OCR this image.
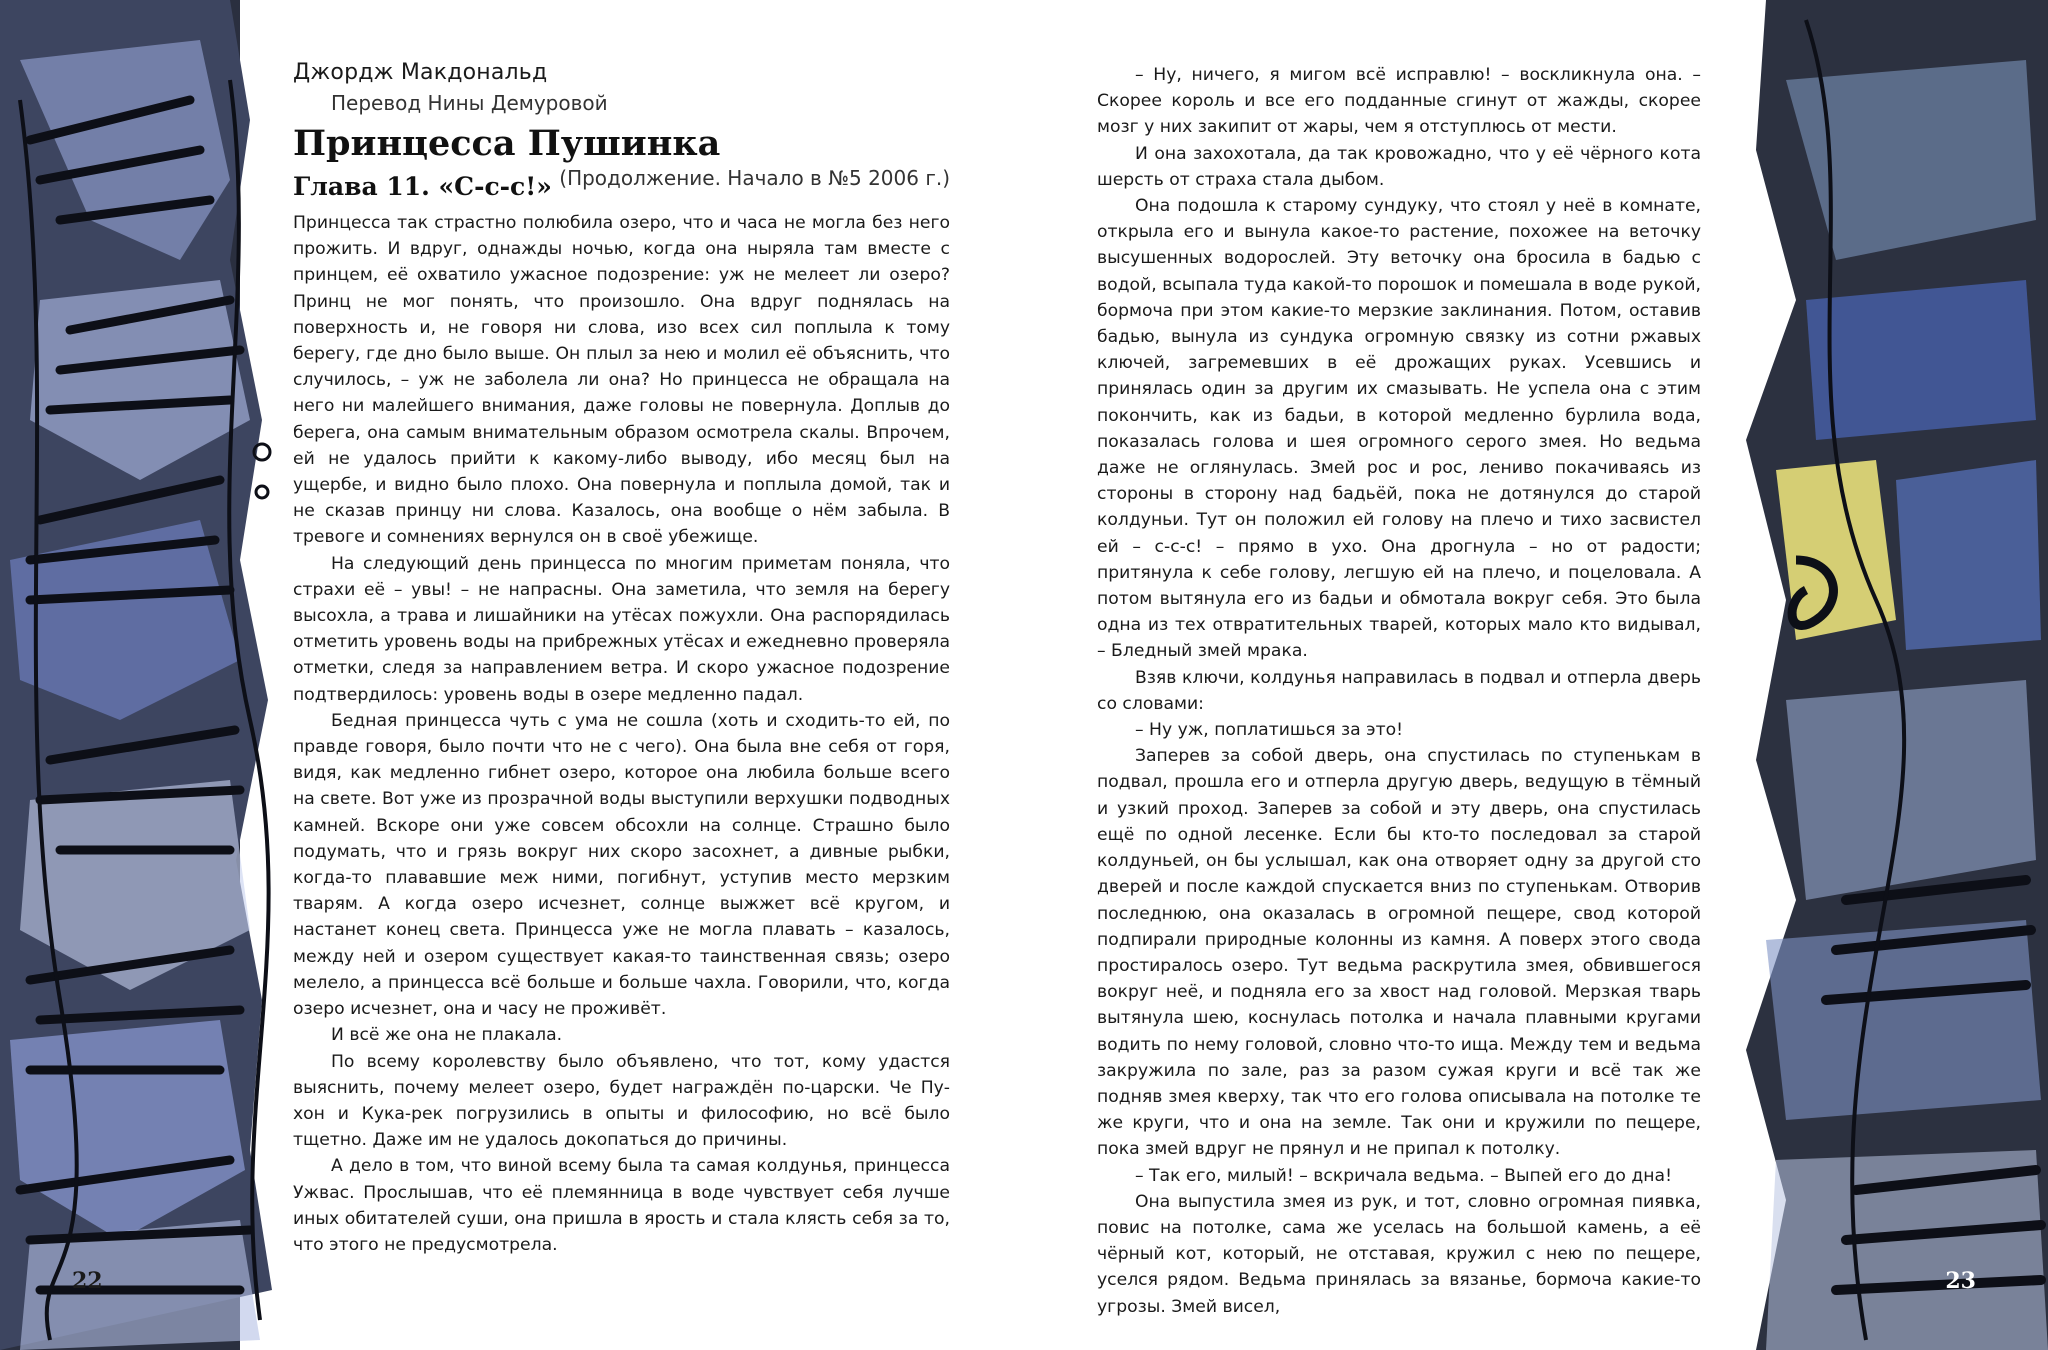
22	23
Джордж Макдональд
Перевод Нины Демуровой
Принцесса Пушинка
(Продолжение. Начало в №5 2006 г.)
Глава 11. «С-с-с!»

Принцесса так страстно полюбила озеро, что и часа не могла без него прожить. И вдруг, однажды ночью, когда она ныряла там вместе с принцем, её охватило ужасное подозрение: уж не мелеет ли озеро? Принц не мог понять, что произошло. Она вдруг поднялась на поверхность и, не говоря ни слова, изо всех сил поплыла к тому берегу, где дно было выше. Он плыл за нею и молил её объяснить, что случилось, – уж не заболела ли она? Но принцесса не обращала на него ни малейшего внимания, даже головы не повернула. Доплыв до берега, она самым внимательным образом осмотрела скалы. Впрочем, ей не удалось прийти к какому-либо выводу, ибо месяц был на ущербе, и видно было плохо. Она повернула и поплыла домой, так и не сказав принцу ни слова. Казалось, она вообще о нём забыла. В тревоге и сомнениях вернулся он в своё убежище.

На следующий день принцесса по многим приметам поняла, что страхи её – увы! – не напрасны. Она заметила, что земля на берегу высохла, а трава и лишайники на утёсах пожухли. Она распорядилась отметить уровень воды на прибрежных утёсах и ежедневно проверяла отметки, следя за направлением ветра. И скоро ужасное подозрение подтвердилось: уровень воды в озере медленно падал.

Бедная принцесса чуть с ума не сошла (хоть и сходить-то ей, по правде говоря, было почти что не с чего). Она была вне себя от горя, видя, как медленно гибнет озеро, которое она любила больше всего на свете. Вот уже из прозрачной воды выступили верхушки подводных камней. Вскоре они уже совсем обсохли на солнце. Страшно было подумать, что и грязь вокруг них скоро засохнет, а дивные рыбки, когда-то плававшие меж ними, погибнут, уступив место мерзким тварям. А когда озеро исчезнет, солнце выжжет всё кругом, и настанет конец света. Принцесса уже не могла плавать – казалось, между ней и озером существует какая-то таинственная связь; озеро мелело, а принцесса всё больше и больше чахла. Говорили, что, когда озеро исчезнет, она и часу не проживёт.

И всё же она не плакала.

По всему королевству было объявлено, что тот, кому удастся выяснить, почему мелеет озеро, будет награждён по-царски. Че Пу-хон и Кука-рек погрузились в опыты и философию, но всё было тщетно. Даже им не удалось докопаться до причины.

А дело в том, что виной всему была та самая колдунья, принцесса Ужвас. Прослышав, что её племянница в воде чувствует себя лучше иных обитателей суши, она пришла в ярость и стала клясть себя за то, что этого не предусмотрела.

– Ну, ничего, я мигом всё исправлю! – воскликнула она. – Скорее король и все его подданные сгинут от жажды, скорее мозг у них закипит от жары, чем я отступлюсь от мести.

И она захохотала, да так кровожадно, что у её чёрного кота шерсть от страха стала дыбом.

Она подошла к старому сундуку, что стоял у неё в комнате, открыла его и вынула какое-то растение, похожее на веточку высушенных водорослей. Эту веточку она бросила в бадью с водой, всыпала туда какой-то порошок и помешала в воде рукой, бормоча при этом какие-то мерзкие заклинания. Потом, оставив бадью, вынула из сундука огромную связку из сотни ржавых ключей, загремевших в её дрожащих руках. Усевшись и принялась один за другим их смазывать. Не успела она с этим покончить, как из бадьи, в которой медленно бурлила вода, показалась голова и шея огромного серого змея. Но ведьма даже не оглянулась. Змей рос и рос, лениво покачиваясь из стороны в сторону над бадьёй, пока не дотянулся до старой колдуньи. Тут он положил ей голову на плечо и тихо засвистел ей – с-с-с! – прямо в ухо. Она дрогнула – но от радости; притянула к себе голову, легшую ей на плечо, и поцеловала. А потом вытянула его из бадьи и обмотала вокруг себя. Это была одна из тех отвратительных тварей, которых мало кто видывал, – Бледный змей мрака.

Взяв ключи, колдунья направилась в подвал и отперла дверь со словами:

– Ну уж, поплатишься за это!

Заперев за собой дверь, она спустилась по ступенькам в подвал, прошла его и отперла другую дверь, ведущую в тёмный и узкий проход. Заперев за собой и эту дверь, она спустилась ещё по одной лесенке. Если бы кто-то последовал за старой колдуньей, он бы услышал, как она отворяет одну за другой сто дверей и после каждой спускается вниз по ступенькам. Отворив последнюю, она оказалась в огромной пещере, свод которой подпирали природные колонны из камня. А поверх этого свода простиралось озеро. Тут ведьма раскрутила змея, обвившегося вокруг неё, и подняла его за хвост над головой. Мерзкая тварь вытянула шею, коснулась потолка и начала плавными кругами водить по нему головой, словно что-то ища. Между тем и ведьма закружила по зале, раз за разом сужая круги и всё так же подняв змея кверху, так что его голова описывала на потолке те же круги, что и она на земле. Так они и кружили по пещере, пока змей вдруг не прянул и не припал к потолку.

– Так его, милый! – вскричала ведьма. – Выпей его до дна!

Она выпустила змея из рук, и тот, словно огромная пиявка, повис на потолке, сама же уселась на большой камень, а её чёрный кот, который, не отставая, кружил с нею по пещере, уселся рядом. Ведьма принялась за вязанье, бормоча какие-то угрозы. Змей висел,
